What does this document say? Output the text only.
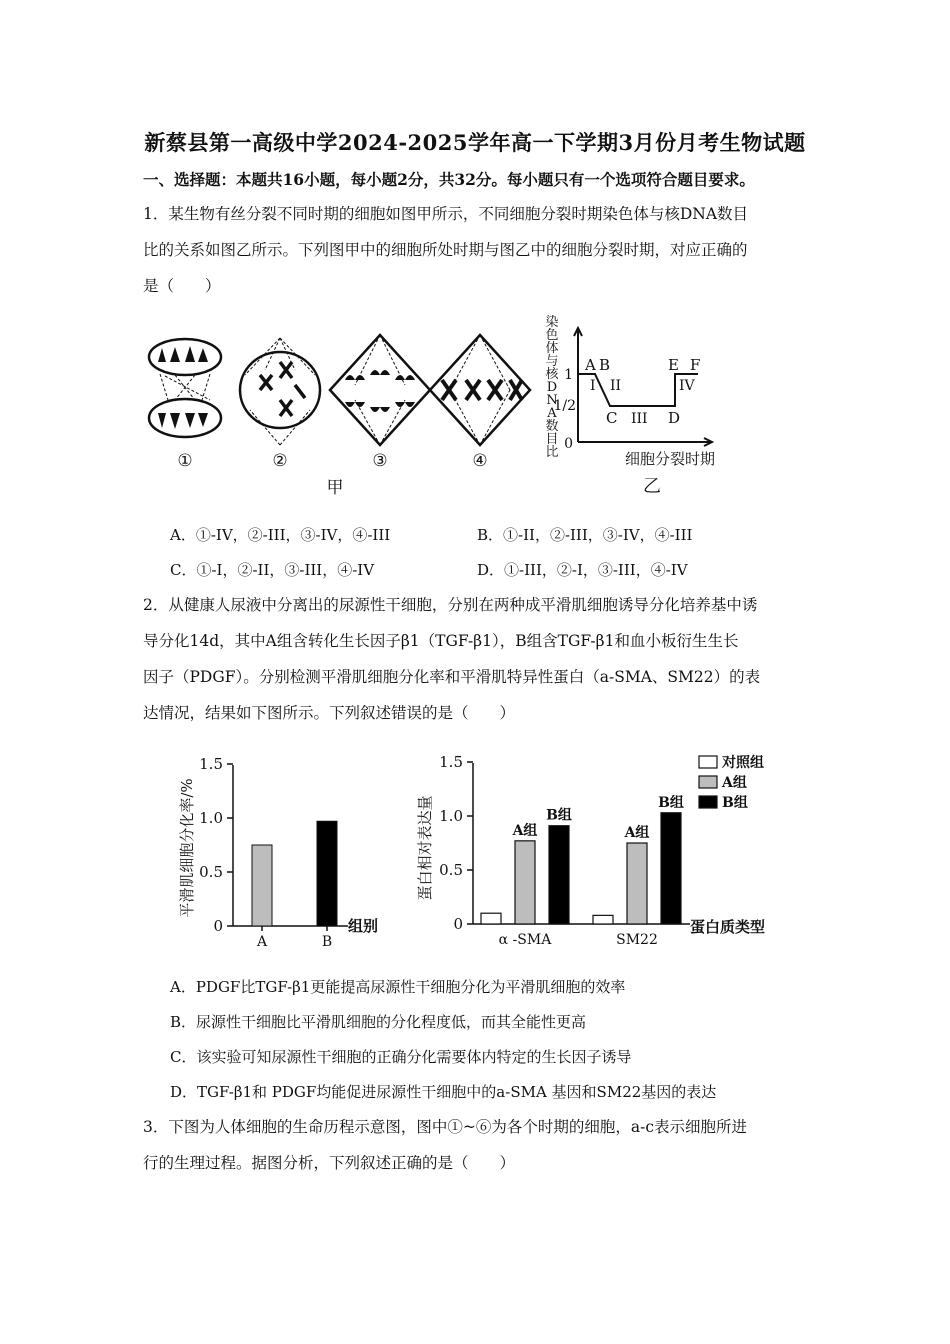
新蔡县第一高级中学2024-2025学年高一下学期3月份月考生物试题
一、选择题：本题共16小题，每小题2分，共32分。每小题只有一个选项符合题目要求。
1．某生物有丝分裂不同时期的细胞如图甲所示，不同细胞分裂时期染色体与核DNA数目
比的关系如图乙所示。下列图甲中的细胞所处时期与图乙中的细胞分裂时期，对应正确的
是（　　）
①	②	③	④
甲
染
色
体
与
核
D
N
A
数
目
比
1
1/2
0
A B
C	D
E F
I II
III
IV
细胞分裂时期
乙
A．①-IV，②-III，③-IV，④-III	B．①-II，②-III，③-IV，④-III
C．①-I，②-II，③-III，④-IV	D．①-III，②-I，③-III，④-IV
2．从健康人尿液中分离出的尿源性干细胞，分别在两种成平滑肌细胞诱导分化培养基中诱
导分化14d，其中A组含转化生长因子β1（TGF-β1），B组含TGF-β1和血小板衍生生长
因子（PDGF）。分别检测平滑肌细胞分化率和平滑肌特异性蛋白（a-SMA、SM22）的表
达情况，结果如下图所示。下列叙述错误的是（　　）
平滑肌细胞分化率/%
0
0.5
1.0
1.5
A	B
组别
蛋白相对表达量
0
0.5
1.0
1.5
A组
B组
α -SMA
A组
B组
SM22
蛋白质类型
对照组
A组
B组
A．PDGF比TGF-β1更能提高尿源性干细胞分化为平滑肌细胞的效率
B．尿源性干细胞比平滑肌细胞的分化程度低，而其全能性更高
C．该实验可知尿源性干细胞的正确分化需要体内特定的生长因子诱导
D．TGF-β1和 PDGF均能促进尿源性干细胞中的a-SMA 基因和SM22基因的表达
3．下图为人体细胞的生命历程示意图，图中①~⑥为各个时期的细胞，a-c表示细胞所进
行的生理过程。据图分析，下列叙述正确的是（　　）
